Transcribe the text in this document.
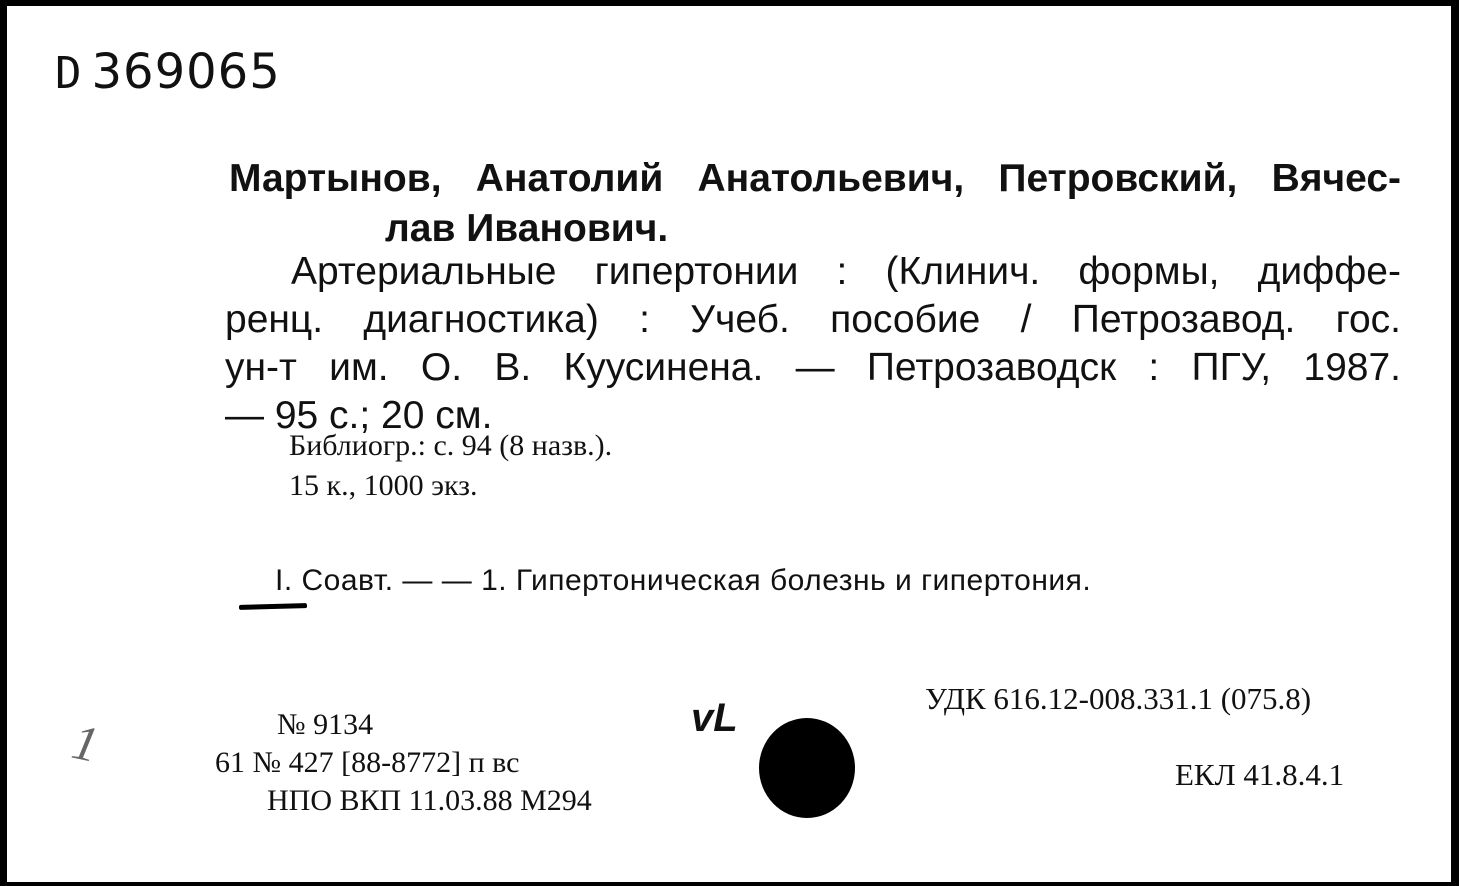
D 369065
Мартынов, Анатолий Анатольевич, Петровский, Вячес-
лав Иванович.
Артериальные гипертонии : (Клинич. формы, диффе-
ренц. диагностика) : Учеб. пособие / Петрозавод. гос.
ун-т им. О. В. Куусинена. — Петрозаводск : ПГУ, 1987.
— 95 с.; 20 см.
Библиогр.: с. 94 (8 назв.).
15 к., 1000 экз.
I. Соавт. — — 1. Гипертоническая болезнь и гипертония.
№ 9134
61 № 427 [88-8772] п вс
НПО ВКП 11.03.88 М294
vL
1
УДК 616.12-008.331.1 (075.8)
ЕКЛ 41.8.4.1
